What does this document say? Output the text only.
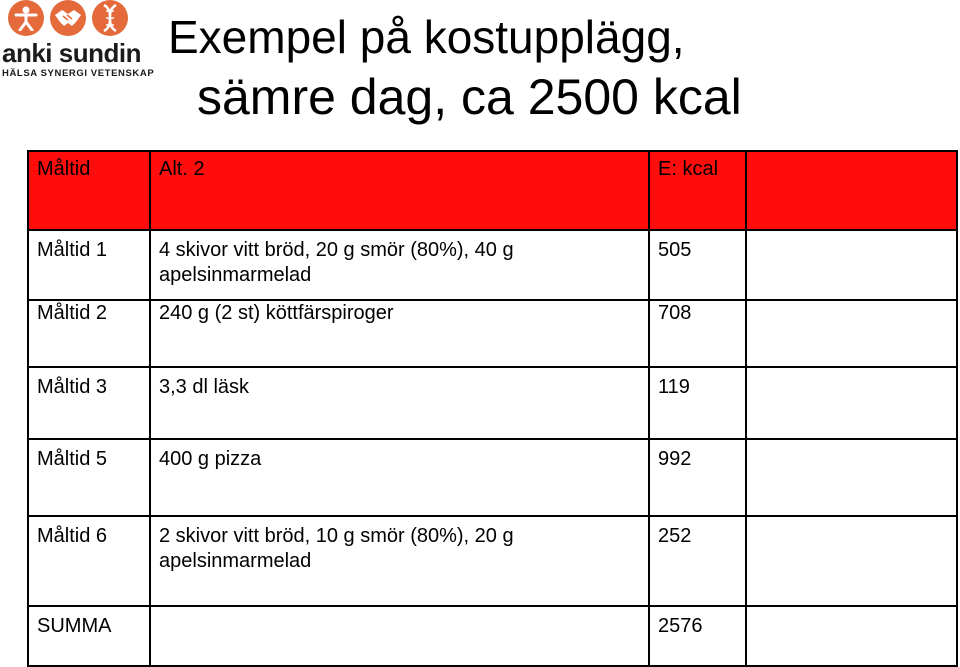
anki sundin
HÄLSA SYNERGI VETENSKAP
Exempel på kostupplägg,
sämre dag, ca 2500 kcal
Måltid	Alt. 2	E: kcal	
Måltid 1	4 skivor vitt bröd, 20 g smör (80%), 40 g apelsinmarmelad	505	
Måltid 2	240 g (2 st) köttfärspiroger	708	
Måltid 3	3,3 dl läsk	119	
Måltid 5	400 g pizza	992	
Måltid 6	2 skivor vitt bröd, 10 g smör (80%), 20 g apelsinmarmelad	252	
SUMMA		2576	
